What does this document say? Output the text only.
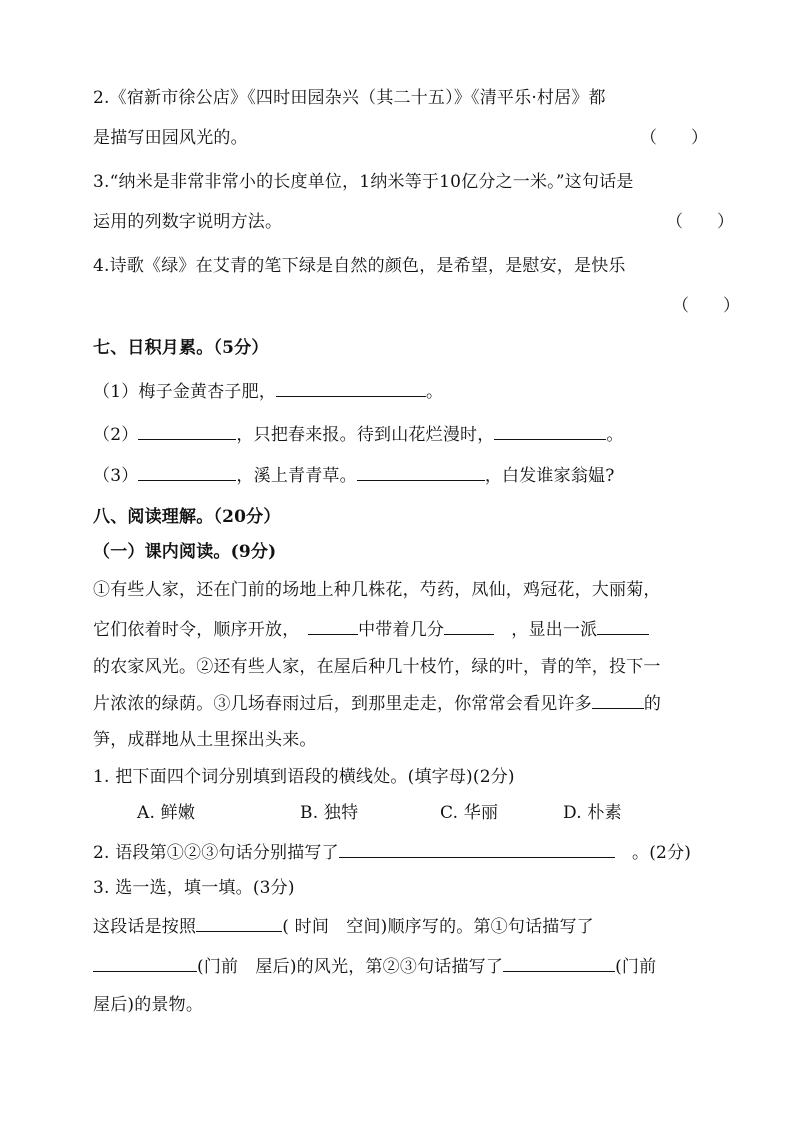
2.《宿新市徐公店》《四时田园杂兴（其二十五）》《清平乐·村居》都
是描写田园风光的。	（　　）
3.“纳米是非常非常小的长度单位，1纳米等于10亿分之一米。”这句话是
运用的列数字说明方法。	（　　）
4.诗歌《绿》在艾青的笔下绿是自然的颜色，是希望，是慰安，是快乐
（　　）
七、日积月累。（5分）
（1）梅子金黄杏子肥，	。
（2）	，只把春来报。待到山花烂漫时，	。
（3）	，溪上青青草。	，白发谁家翁媪?
八、阅读理解。（20分）
（一）课内阅读。(9分)
①有些人家，还在门前的场地上种几株花，芍药，凤仙，鸡冠花，大丽菊，
它们依着时令，顺序开放，　	中带着几分	　，显出一派
的农家风光。②还有些人家，在屋后种几十枝竹，绿的叶，青的竿，投下一
片浓浓的绿荫。③几场春雨过后，到那里走走，你常常会看见许多	的
笋，成群地从土里探出头来。
1. 把下面四个词分别填到语段的横线处。(填字母)(2分)
A. 鲜嫩	B. 独特	C. 华丽	D. 朴素
2. 语段第①②③句话分别描写了	　。(2分)
3. 选一选，填一填。(3分)
这段话是按照	( 时间　空间)顺序写的。第①句话描写了
(门前　屋后)的风光，第②③句话描写了	(门前
屋后)的景物。
